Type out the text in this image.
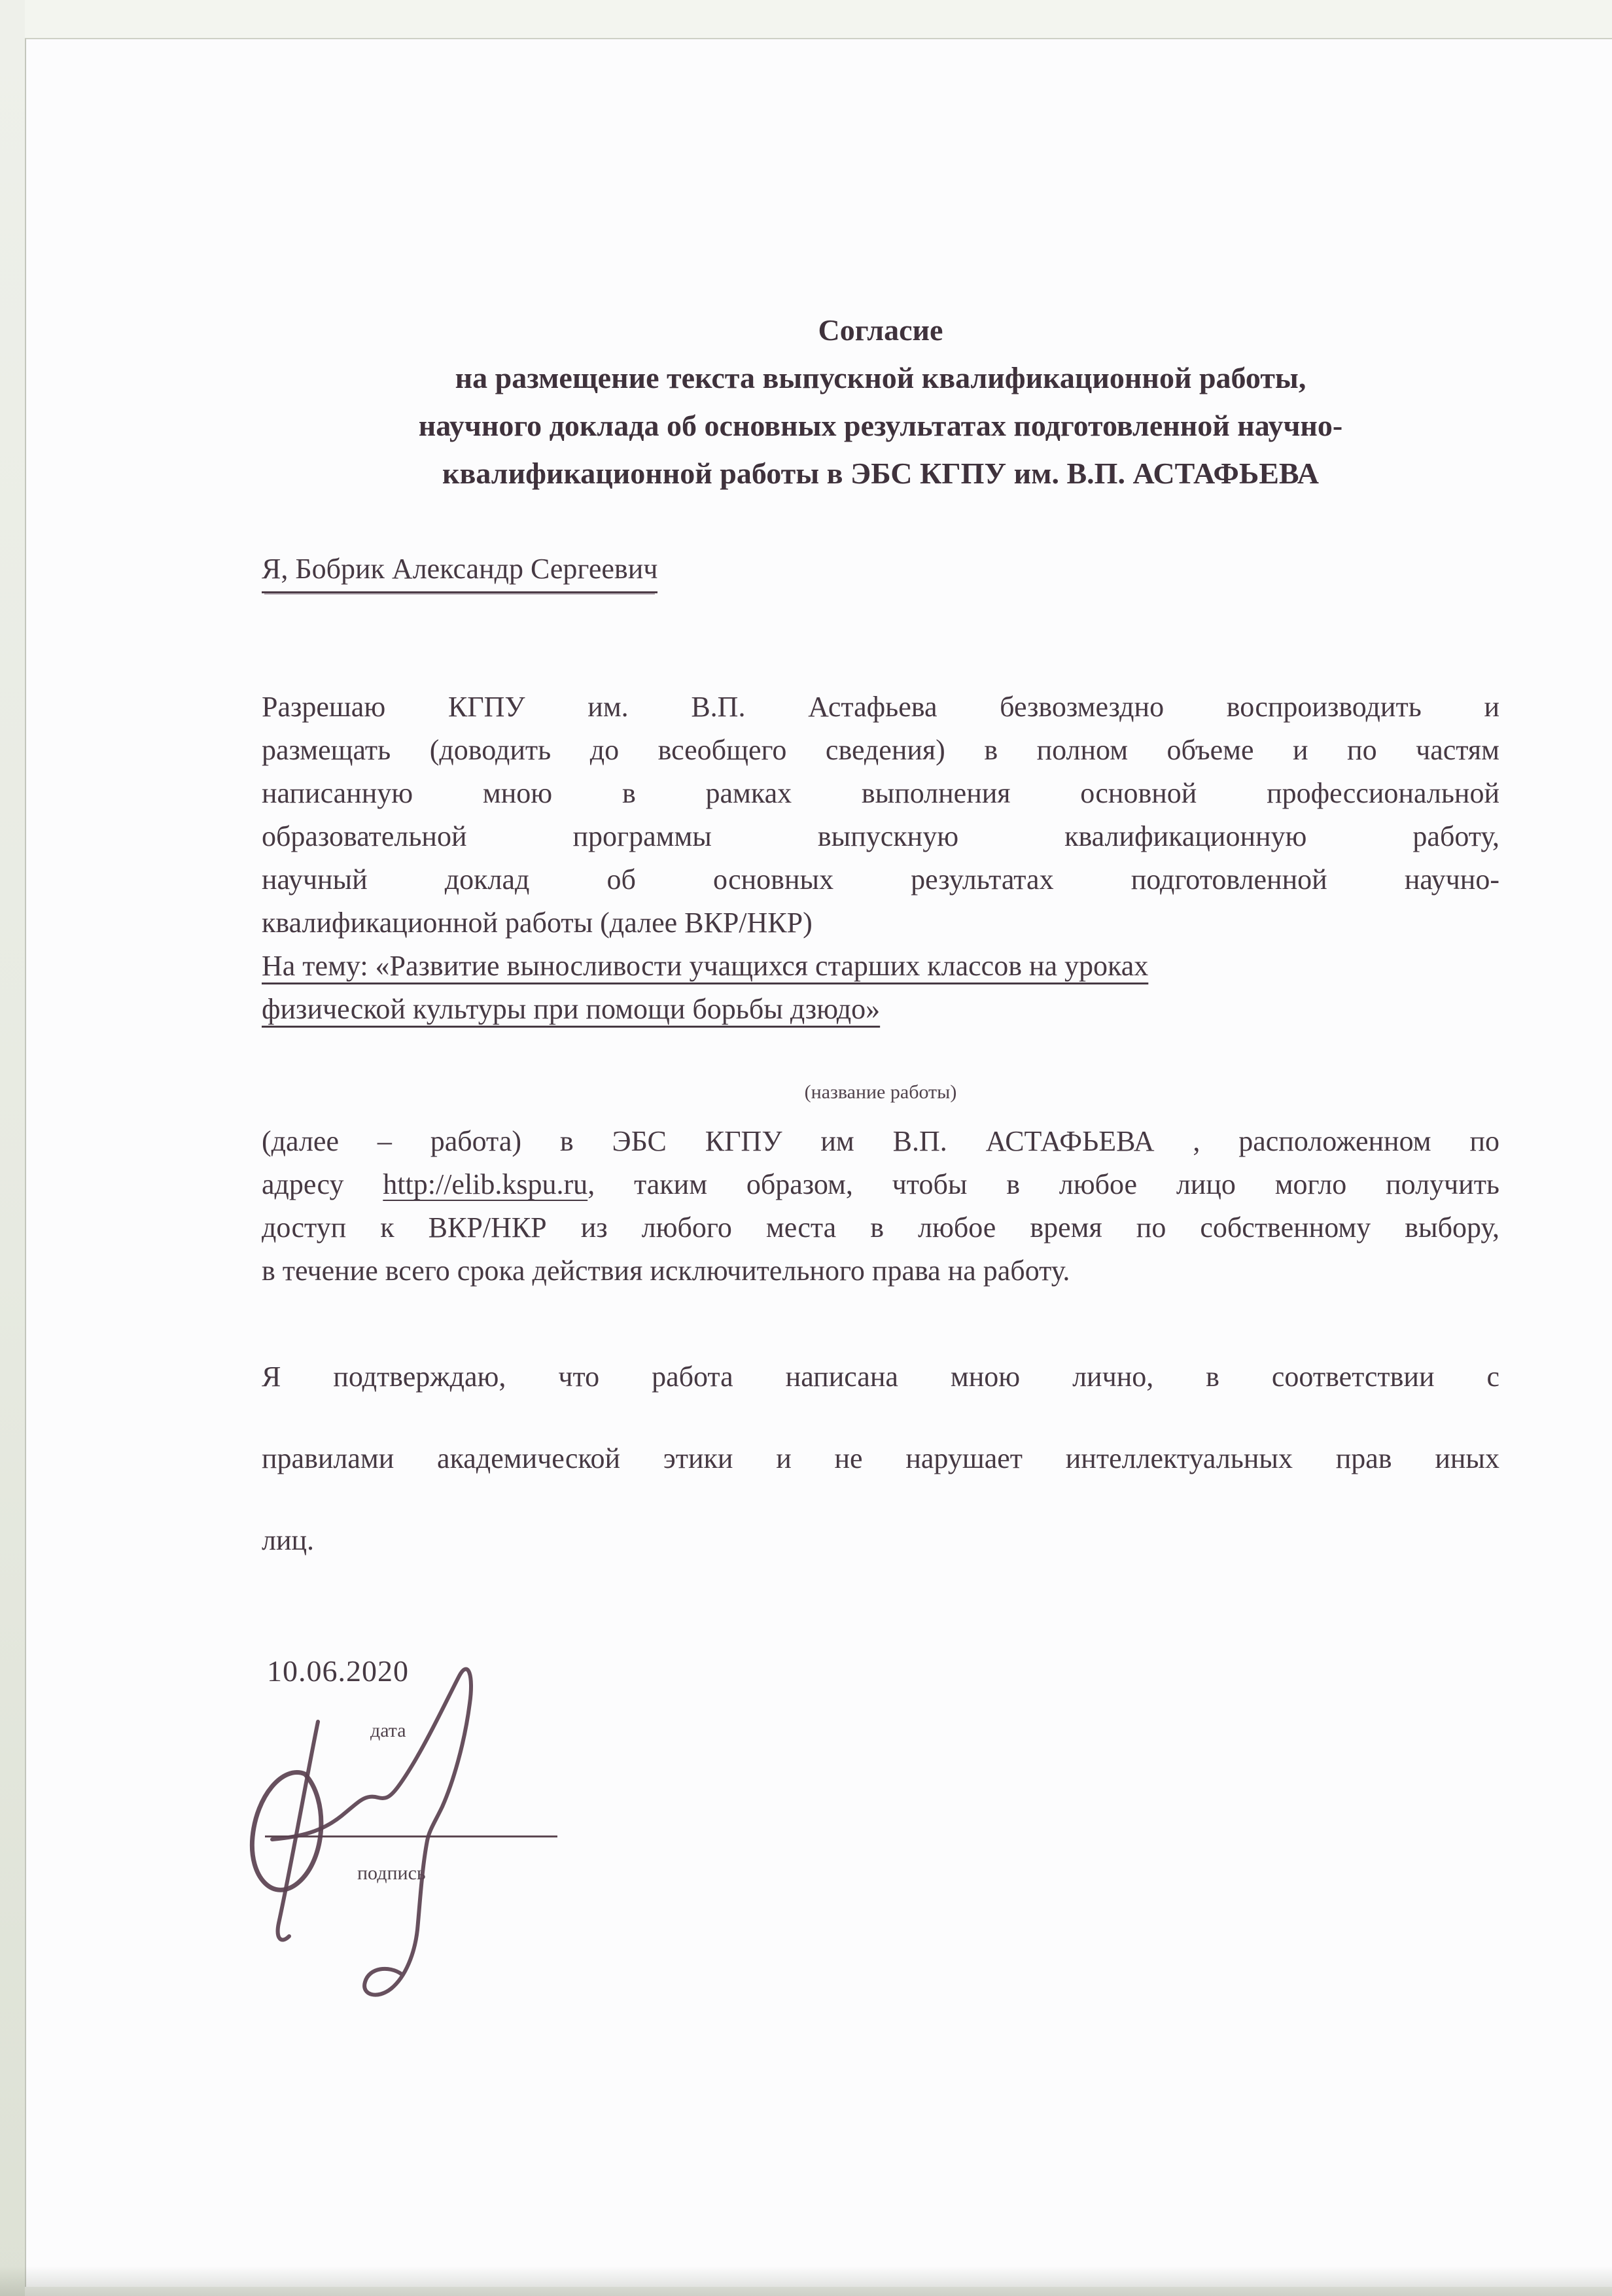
Согласие
на размещение текста выпускной квалификационной работы,
научного доклада об основных результатах подготовленной научно-
квалификационной работы в ЭБС КГПУ им. В.П. АСТАФЬЕВА
Я, Бобрик Александр Сергеевич
Разрешаю КГПУ им. В.П. Астафьева безвозмездно воспроизводить и
размещать (доводить до всеобщего сведения) в полном объеме и по частям
написанную мною в рамках выполнения основной профессиональной
образовательной программы выпускную квалификационную работу,
научный доклад об основных результатах подготовленной научно-
квалификационной работы (далее ВКР/НКР)
На тему: «Развитие выносливости учащихся старших классов на уроках
физической культуры при помощи борьбы дзюдо»
(название работы)
(далее – работа) в ЭБС КГПУ им В.П. АСТАФЬЕВА , расположенном по
адресу http://elib.kspu.ru, таким образом, чтобы в любое лицо могло получить
доступ к ВКР/НКР из любого места в любое время по собственному выбору,
в течение всего срока действия исключительного права на работу.
Я подтверждаю, что работа написана мною лично, в соответствии с
правилами академической этики и не нарушает интеллектуальных прав иных
лиц.
10.06.2020
дата
подпись
